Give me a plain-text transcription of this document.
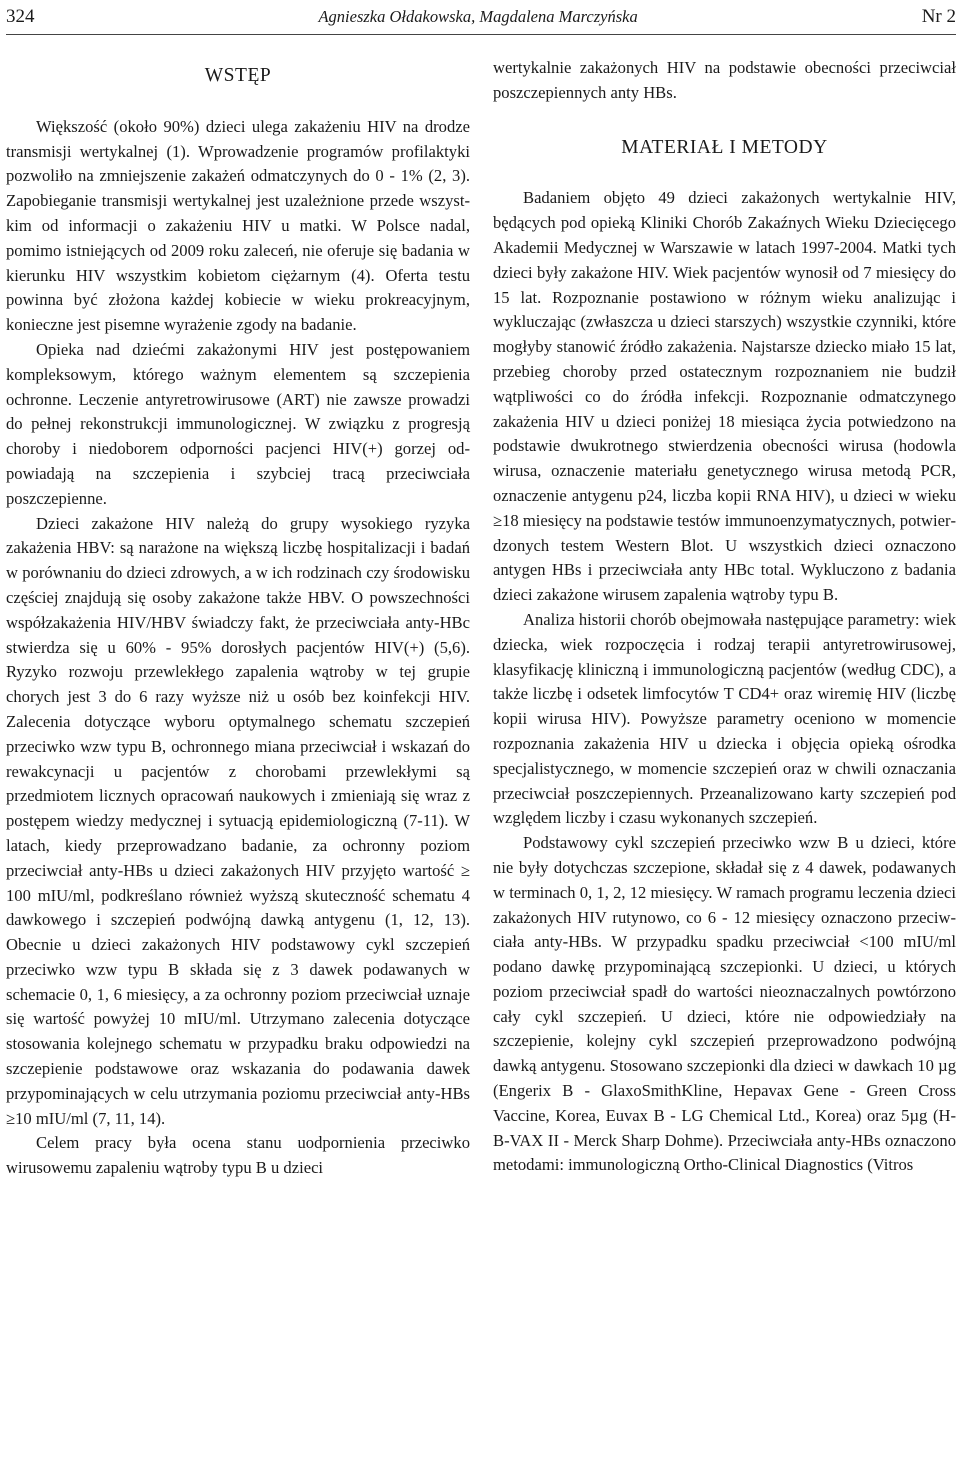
324	Agnieszka Ołdakowska, Magdalena Marczyńska	Nr 2
WSTĘP

Większość (około 90%) dzieci ulega zakażeniu HIV na drodze transmisji wertykalnej (1). Wprowadzenie programów profilaktyki pozwoliło na zmniejszenie zakażeń odmatczynych do 0 - 1% (2, 3). Zapobieganie transmisji wertykalnej jest uzależnione przede wszystkim od informacji o zakażeniu HIV u matki. W Polsce nadal, pomimo istniejących od 2009 roku zaleceń, nie oferuje się badania w kierunku HIV wszystkim kobietom ciężarnym (4). Oferta testu powinna być złożona każdej kobiecie w wieku prokreacyjnym, konieczne jest pisemne wyrażenie zgody na badanie.

Opieka nad dziećmi zakażonymi HIV jest postępowaniem kompleksowym, którego ważnym elementem są szczepienia ochronne. Leczenie antyretrowirusowe (ART) nie zawsze prowadzi do pełnej rekonstrukcji immunologicznej. W związku z progresją choroby i niedoborem odporności pacjenci HIV(+) gorzej odpowiadają na szczepienia i szybciej tracą przeciwciała poszczepienne.

Dzieci zakażone HIV należą do grupy wysokiego ryzyka zakażenia HBV: są narażone na większą liczbę hospitalizacji i badań w porównaniu do dzieci zdrowych, a w ich rodzinach czy środowisku częściej znajdują się osoby zakażone także HBV. O powszechności współzakażenia HIV/HBV świadczy fakt, że przeciwciała anty-HBc stwierdza się u 60% - 95% dorosłych pacjentów HIV(+) (5,6). Ryzyko rozwoju przewlekłego zapalenia wątroby w tej grupie chorych jest 3 do 6 razy wyższe niż u osób bez koinfekcji HIV. Zalecenia dotyczące wyboru optymalnego schematu szczepień przeciwko wzw typu B, ochronnego miana przeciwciał i wskazań do rewakcynacji u pacjentów z chorobami przewlekłymi są przedmiotem licznych opracowań naukowych i zmieniają się wraz z postępem wiedzy medycznej i sytuacją epidemiologiczną (7-11). W latach, kiedy przeprowadzano badanie, za ochronny poziom przeciwciał anty-HBs u dzieci zakażonych HIV przyjęto wartość ≥ 100 mIU/ml, podkreślano również wyższą skuteczność schematu 4 dawkowego i szczepień podwójną dawką antygenu (1, 12, 13). Obecnie u dzieci zakażonych HIV podstawowy cykl szczepień przeciwko wzw typu B składa się z 3 dawek podawanych w schemacie 0, 1, 6 miesięcy, a za ochronny poziom przeciwciał uznaje się wartość powyżej 10 mIU/ml. Utrzymano zalecenia dotyczące stosowania kolejnego schematu w przypadku braku odpowiedzi na szczepienie podstawowe oraz wskazania do podawania dawek przypominających w celu utrzymania poziomu przeciwciał anty-HBs ≥10 mIU/ml (7, 11, 14).

Celem pracy była ocena stanu uodpornienia przeciwko wirusowemu zapaleniu wątroby typu B u dzieci

wertykalnie zakażonych HIV na podstawie obecności przeciwciał poszczepiennych anty HBs.

MATERIAŁ I METODY

Badaniem objęto 49 dzieci zakażonych wertykalnie HIV, będących pod opieką Kliniki Chorób Zakaźnych Wieku Dziecięcego Akademii Medycznej w Warszawie w latach 1997-2004. Matki tych dzieci były zakażone HIV. Wiek pacjentów wynosił od 7 miesięcy do 15 lat. Rozpoznanie postawiono w różnym wieku analizując i wykluczając (zwłaszcza u dzieci starszych) wszystkie czynniki, które mogłyby stanowić źródło zakażenia. Najstarsze dziecko miało 15 lat, przebieg choroby przed ostatecznym rozpoznaniem nie budził wątpliwości co do źródła infekcji. Rozpoznanie odmatczynego zakażenia HIV u dzieci poniżej 18 miesiąca życia potwiedzono na podstawie dwukrotnego stwierdzenia obecności wirusa (hodowla wirusa, oznaczenie materiału genetycznego wirusa metodą PCR, oznaczenie antygenu p24, liczba kopii RNA HIV), u dzieci w wieku ≥18 miesięcy na podstawie testów immunoenzymatycznych, potwierdzonych testem Western Blot. U wszystkich dzieci oznaczono antygen HBs i przeciwciała anty HBc total. Wykluczono z badania dzieci zakażone wirusem zapalenia wątroby typu B.

Analiza historii chorób obejmowała następujące parametry: wiek dziecka, wiek rozpoczęcia i rodzaj terapii antyretrowirusowej, klasyfikację kliniczną i immunologiczną pacjentów (według CDC), a także liczbę i odsetek limfocytów T CD4+ oraz wiremię HIV (liczbę kopii wirusa HIV). Powyższe parametry oceniono w momencie rozpoznania zakażenia HIV u dziecka i objęcia opieką ośrodka specjalistycznego, w momencie szczepień oraz w chwili oznaczania przeciwciał poszczepiennych. Przeanalizowano karty szczepień pod względem liczby i czasu wykonanych szczepień.

Podstawowy cykl szczepień przeciwko wzw B u dzieci, które nie były dotychczas szczepione, składał się z 4 dawek, podawanych w terminach 0, 1, 2, 12 miesięcy. W ramach programu leczenia dzieci zakażonych HIV rutynowo, co 6 - 12 miesięcy oznaczono przeciwciała anty-HBs. W przypadku spadku przeciwciał <100 mIU/ml podano dawkę przypominającą szczepionki. U dzieci, u których poziom przeciwciał spadł do wartości nieoznaczalnych powtórzono cały cykl szczepień. U dzieci, które nie odpowiedziały na szczepienie, kolejny cykl szczepień przeprowadzono podwójną dawką antygenu. Stosowano szczepionki dla dzieci w dawkach 10 µg (Engerix B - GlaxoSmithKline, Hepavax Gene - Green Cross Vaccine, Korea, Euvax B - LG Chemical Ltd., Korea) oraz 5µg (H-B-VAX II - Merck Sharp Dohme). Przeciwciała anty-HBs oznaczono metodami: immunologiczną Ortho-Clinical Diagnostics (Vitros
